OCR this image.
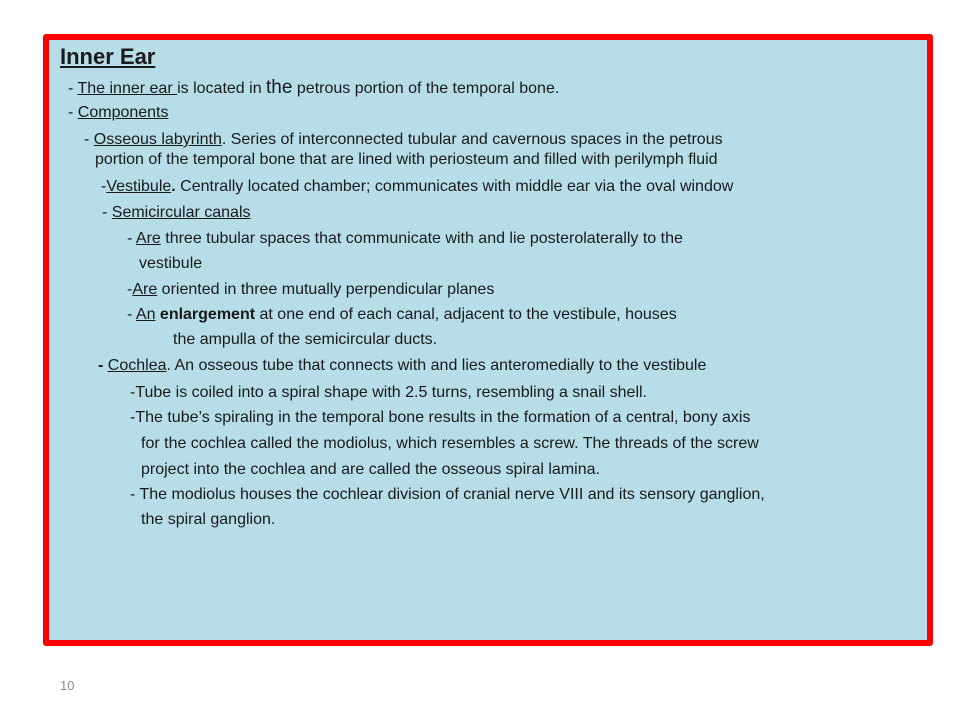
Inner Ear
- The inner ear is located in the petrous portion of the temporal bone.
- Components
- Osseous labyrinth. Series of interconnected tubular and cavernous spaces in the petrous
portion of the temporal bone that are lined with periosteum and filled with perilymph fluid
-Vestibule. Centrally located chamber; communicates with middle ear via the oval window
- Semicircular canals
- Are three tubular spaces that communicate with and lie posterolaterally to the
vestibule
-Are oriented in three mutually perpendicular planes
- An enlargement at one end of each canal, adjacent to the vestibule, houses
the ampulla of the semicircular ducts.
- Cochlea. An osseous tube that connects with and lies anteromedially to the vestibule
-Tube is coiled into a spiral shape with 2.5 turns, resembling a snail shell.
-The tube’s spiraling in the temporal bone results in the formation of a central, bony axis
for the cochlea called the modiolus, which resembles a screw. The threads of the screw
project into the cochlea and are called the osseous spiral lamina.
- The modiolus houses the cochlear division of cranial nerve VIII and its sensory ganglion,
the spiral ganglion.
10
